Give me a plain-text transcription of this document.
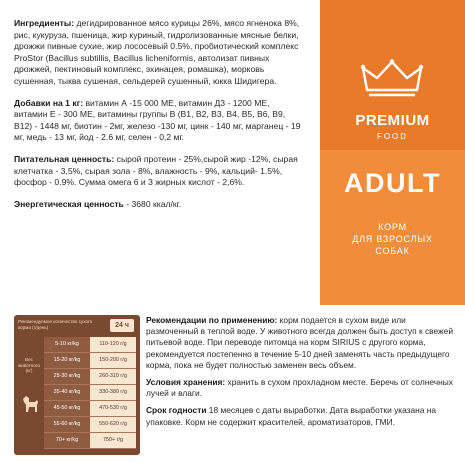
Ингредиенты: дегидрированное мясо курицы 26%, мясо ягненока 8%, рис, кукуруза, пшеница, жир куриный, гидролизованные мясные белки, дрожжи пивные сухие, жир лососевый 0.5%, пробиотический комплекс ProStor (Bacillus subtillis, Bacillus licheniformis, автолизат пивных дрожжей, пектиновый комплекс, эхинацея, ромашка), морковь сушенная, тыква сушеная, сельдерей сушенный, юкка Шидигера.

Добавки на 1 кг: витамин А -15 000 МЕ, витамин Д3 - 1200 МЕ, витамин Е - 300 МЕ, витамины группы В (В1, В2, В3, В4, В5, В6, В9, В12) - 1448 мг, биотин - 2мг, железо -130 мг, цинк - 140 мг, марганец - 19 мг, медь - 13 мг, йод - 2.6 мг, селен - 0,2 мг.

Питательная ценность: сырой протеин - 25%,сырой жир -12%, сырая клетчатка - 3,5%, сырая зола - 8%, влажность - 9%, кальций- 1.5%, фосфор - 0.9%. Сумма омега 6 и 3 жирных кислот - 2,6%.

Энергетическая ценность - 3680 ккал/кг.

PREMIUM
FOOD
ADULT
КОРМ
ДЛЯ ВЗРОСЛЫХ
СОБАК
Рекомендуемое количество сухого корма (г/день)	24 ч
Вес животного (кг)
5-10 кг/kg	110-120 г/g
15-20 кг/kg	150-200 г/g
25-30 кг/kg	260-310 г/g
35-40 кг/kg	330-380 г/g
45-50 кг/kg	470-530 г/g
55-60 кг/kg	550-620 г/g
70+ кг/kg	750+ г/g

Рекомендации по применению: корм подается в сухом виде или размоченный в теплой воде. У животного всегда должен быть доступ к свежей питьевой воде. При переводе питомца на корм SIRIUS с другого корма, рекомендуется постепенно в течение 5-10 дней заменять часть предыдущего корма, пока не будет полностью заменен весь объем.

Условия хранения: хранить в сухом прохладном месте. Беречь от солнечных лучей и влаги.

Срок годности 18 месяцев с даты выработки. Дата выработки указана на упаковке. Корм не содержит красителей, ароматизаторов, ГМИ.
